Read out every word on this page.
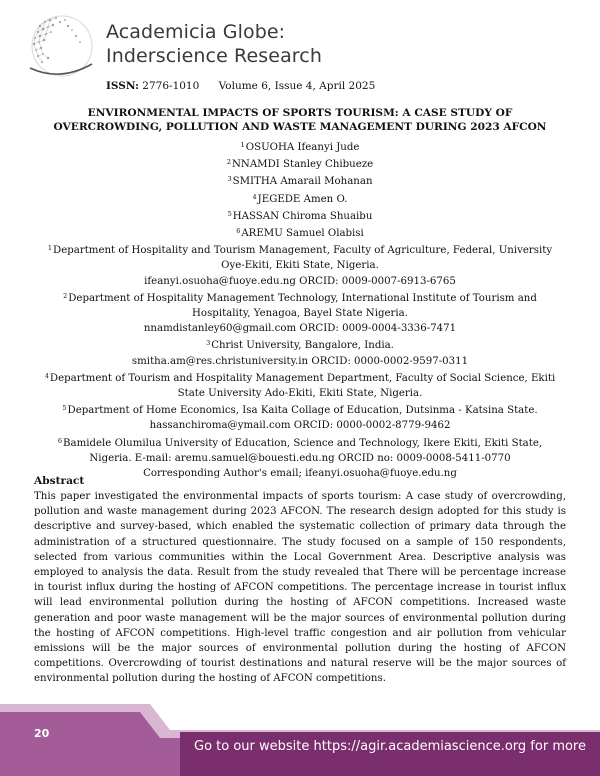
Academicia Globe:
Inderscience Research
ISSN: 2776-1010 Volume 6, Issue 4, April 2025
ENVIRONMENTAL IMPACTS OF SPORTS TOURISM: A CASE STUDY OF
OVERCROWDING, POLLUTION AND WASTE MANAGEMENT DURING 2023 AFCON
$^1$OSUOHA Ifeanyi Jude
$^2$NNAMDI Stanley Chibueze
$^3$SMITHA Amarail Mohanan
$^4$JEGEDE Amen O.
$^5$HASSAN Chiroma Shuaibu
$^6$AREMU Samuel Olabisi
$^1$Department of Hospitality and Tourism Management, Faculty of Agriculture, Federal, University
Oye-Ekiti, Ekiti State, Nigeria.
ifeanyi.osuoha@fuoye.edu.ng ORCID: 0009-0007-6913-6765
$^2$Department of Hospitality Management Technology, International Institute of Tourism and
Hospitality, Yenagoa, Bayel State Nigeria.
nnamdistanley60@gmail.com ORCID: 0009-0004-3336-7471
$^3$Christ University, Bangalore, India.
smitha.am@res.christuniversity.in ORCID: 0000-0002-9597-0311
$^4$Department of Tourism and Hospitality Management Department, Faculty of Social Science, Ekiti
State University Ado-Ekiti, Ekiti State, Nigeria.
$^5$Department of Home Economics, Isa Kaita Collage of Education, Dutsinma - Katsina State.
hassanchiroma@ymail.com ORCID: 0000-0002-8779-9462
$^6$Bamidele Olumilua University of Education, Science and Technology, Ikere Ekiti, Ekiti State,
Nigeria. E-mail: aremu.samuel@bouesti.edu.ng ORCID no: 0009-0008-5411-0770
Corresponding Author's email; ifeanyi.osuoha@fuoye.edu.ng
Abstract

This paper investigated the environmental impacts of sports tourism: A case study of overcrowding, pollution and waste management during 2023 AFCON. The research design adopted for this study is descriptive and survey-based, which enabled the systematic collection of primary data through the administration of a structured questionnaire. The study focused on a sample of 150 respondents, selected from various communities within the Local Government Area. Descriptive analysis was employed to analysis the data. Result from the study revealed that There will be percentage increase in tourist influx during the hosting of AFCON competitions. The percentage increase in tourist influx will lead environmental pollution during the hosting of AFCON competitions. Increased waste generation and poor waste management will be the major sources of environmental pollution during the hosting of AFCON competitions. High-level traffic congestion and air pollution from vehicular emissions will be the major sources of environmental pollution during the hosting of AFCON competitions. Overcrowding of tourist destinations and natural reserve will be the major sources of environmental pollution during the hosting of AFCON competitions.

20
Go to our website https://agir.academiascience.org for more
